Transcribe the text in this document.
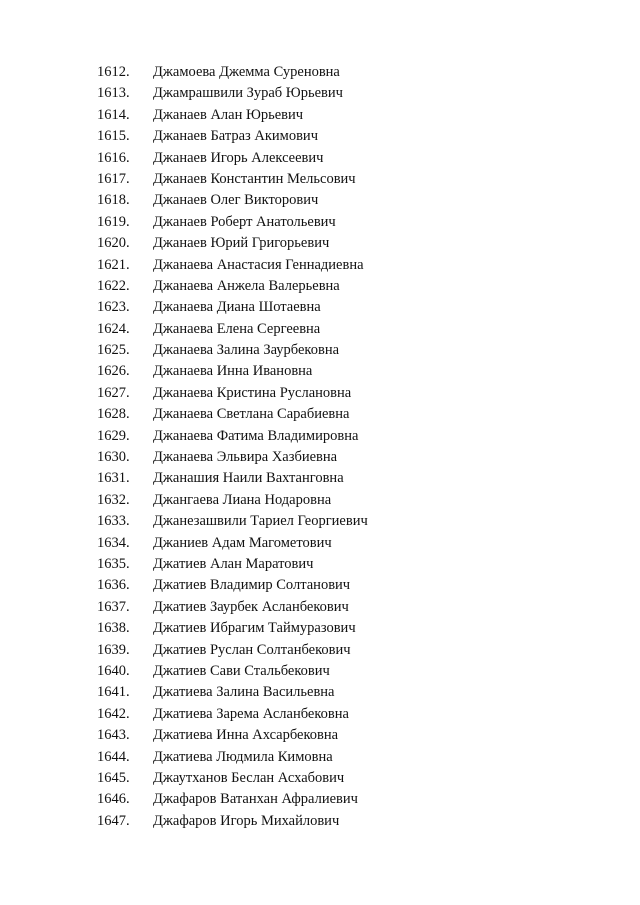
1612. Джамоева Джемма Суреновна
1613. Джамрашвили Зураб Юрьевич
1614. Джанаев Алан Юрьевич
1615. Джанаев Батраз Акимович
1616. Джанаев Игорь Алексеевич
1617. Джанаев Константин Мельсович
1618. Джанаев Олег Викторович
1619. Джанаев Роберт Анатольевич
1620. Джанаев Юрий Григорьевич
1621. Джанаева Анастасия Геннадиевна
1622. Джанаева Анжела Валерьевна
1623. Джанаева Диана Шотаевна
1624. Джанаева Елена Сергеевна
1625. Джанаева Залина Заурбековна
1626. Джанаева Инна Ивановна
1627. Джанаева Кристина Руслановна
1628. Джанаева Светлана Сарабиевна
1629. Джанаева Фатима Владимировна
1630. Джанаева Эльвира Хазбиевна
1631. Джанашия Наили Вахтанговна
1632. Джангаева Лиана Нодаровна
1633. Джанезашвили Тариел Георгиевич
1634. Джаниев Адам Магометович
1635. Джатиев Алан Маратович
1636. Джатиев Владимир Солтанович
1637. Джатиев Заурбек Асланбекович
1638. Джатиев Ибрагим Таймуразович
1639. Джатиев Руслан Солтанбекович
1640. Джатиев Сави Стальбекович
1641. Джатиева Залина Васильевна
1642. Джатиева Зарема Асланбековна
1643. Джатиева Инна Ахсарбековна
1644. Джатиева Людмила Кимовна
1645. Джаутханов Беслан Асхабович
1646. Джафаров Ватанхан Афралиевич
1647. Джафаров Игорь Михайлович
